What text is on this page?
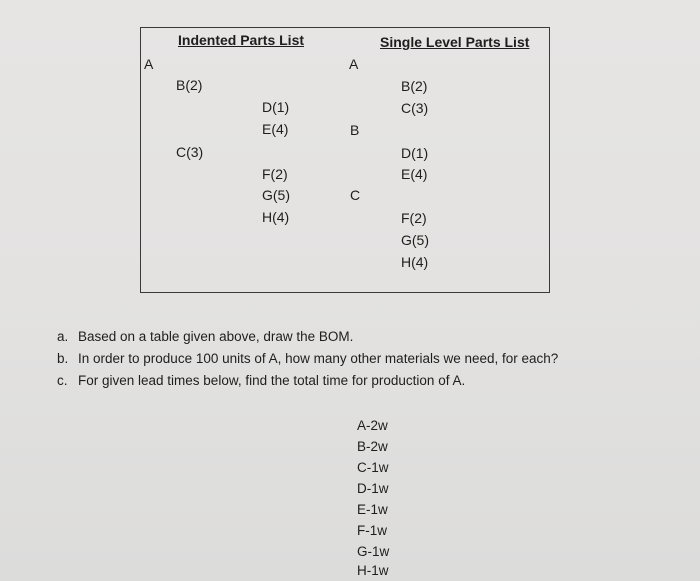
Indented Parts List
A
B(2)
D(1)
E(4)
C(3)
F(2)
G(5)
H(4)
Single Level Parts List
A
B(2)
C(3)
B
D(1)
E(4)
C
F(2)
G(5)
H(4)
a. Based on a table given above, draw the BOM.
b. In order to produce 100 units of A, how many other materials we need, for each?
c. For given lead times below, find the total time for production of A.
A-2w
B-2w
C-1w
D-1w
E-1w
F-1w
G-1w
H-1w
